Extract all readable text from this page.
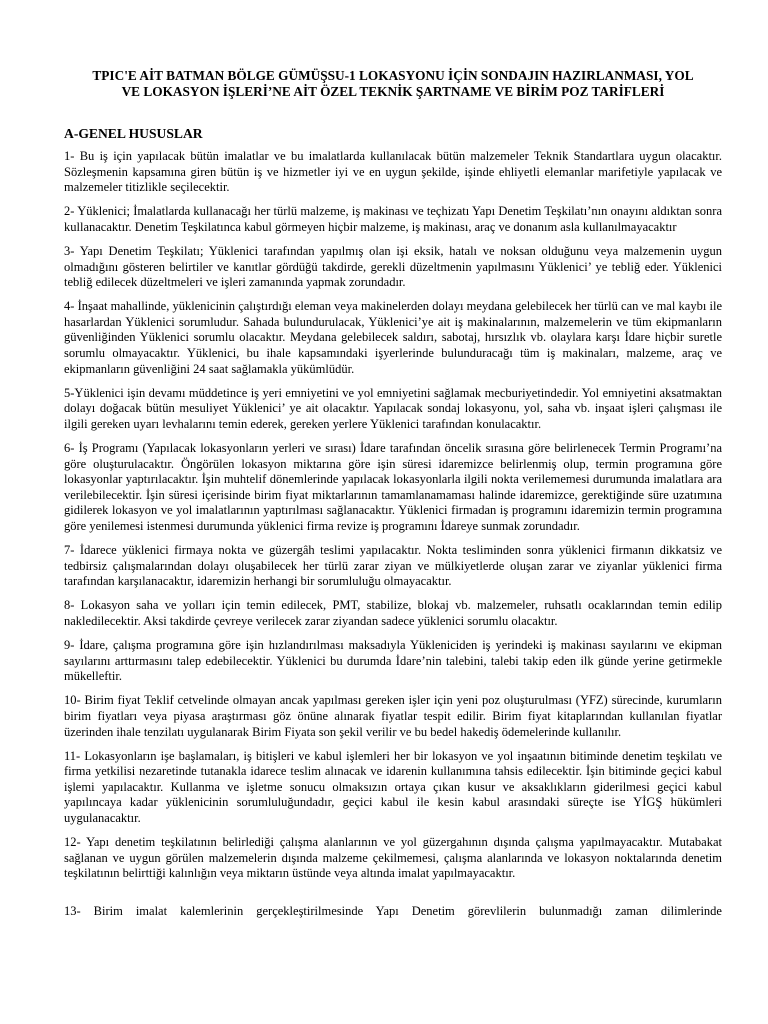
TPIC'E AİT BATMAN BÖLGE GÜMÜŞSU-1 LOKASYONU İÇİN SONDAJIN HAZIRLANMASI, YOL
VE LOKASYON İŞLERİ’NE AİT ÖZEL TEKNİK ŞARTNAME VE BİRİM POZ TARİFLERİ
A-GENEL HUSUSLAR

1- Bu iş için yapılacak bütün imalatlar ve bu imalatlarda kullanılacak bütün malzemeler Teknik Standartlara uygun olacaktır. Sözleşmenin kapsamına giren bütün iş ve hizmetler iyi ve en uygun şekilde, işinde ehliyetli elemanlar marifetiyle yapılacak ve malzemeler titizlikle seçilecektir.

2- Yüklenici; İmalatlarda kullanacağı her türlü malzeme, iş makinası ve teçhizatı Yapı Denetim Teşkilatı’nın onayını aldıktan sonra kullanacaktır. Denetim Teşkilatınca kabul görmeyen hiçbir malzeme, iş makinası, araç ve donanım asla kullanılmayacaktır

3- Yapı Denetim Teşkilatı; Yüklenici tarafından yapılmış olan işi eksik, hatalı ve noksan olduğunu veya malzemenin uygun olmadığını gösteren belirtiler ve kanıtlar gördüğü takdirde, gerekli düzeltmenin yapılmasını Yüklenici’ ye tebliğ eder. Yüklenici tebliğ edilecek düzeltmeleri ve işleri zamanında yapmak zorundadır.

4- İnşaat mahallinde, yüklenicinin çalıştırdığı eleman veya makinelerden dolayı meydana gelebilecek her türlü can ve mal kaybı ile hasarlardan Yüklenici sorumludur. Sahada bulundurulacak, Yüklenici’ye ait iş makinalarının, malzemelerin ve tüm ekipmanların güvenliğinden Yüklenici sorumlu olacaktır. Meydana gelebilecek saldırı, sabotaj, hırsızlık vb. olaylara karşı İdare hiçbir suretle sorumlu olmayacaktır. Yüklenici, bu ihale kapsamındaki işyerlerinde bulunduracağı tüm iş makinaları, malzeme, araç ve ekipmanların güvenliğini 24 saat sağlamakla yükümlüdür.

5-Yüklenici işin devamı müddetince iş yeri emniyetini ve yol emniyetini sağlamak mecburiyetindedir. Yol emniyetini aksatmaktan dolayı doğacak bütün mesuliyet Yüklenici’ ye ait olacaktır. Yapılacak sondaj lokasyonu, yol, saha vb. inşaat işleri çalışması ile ilgili gereken uyarı levhalarını temin ederek, gereken yerlere Yüklenici tarafından konulacaktır.

6- İş Programı (Yapılacak lokasyonların yerleri ve sırası) İdare tarafından öncelik sırasına göre belirlenecek Termin Programı’na göre oluşturulacaktır. Öngörülen lokasyon miktarına göre işin süresi idaremizce belirlenmiş olup, termin programına göre lokasyonlar yaptırılacaktır. İşin muhtelif dönemlerinde yapılacak lokasyonlarla ilgili nokta verilememesi durumunda imalatlara ara verilebilecektir. İşin süresi içerisinde birim fiyat miktarlarının tamamlanamaması halinde idaremizce, gerektiğinde süre uzatımına gidilerek lokasyon ve yol imalatlarının yaptırılması sağlanacaktır. Yüklenici firmadan iş programını idaremizin termin programına göre yenilemesi istenmesi durumunda yüklenici firma revize iş programını İdareye sunmak zorundadır.

7- İdarece yüklenici firmaya nokta ve güzergâh teslimi yapılacaktır. Nokta tesliminden sonra yüklenici firmanın dikkatsiz ve tedbirsiz çalışmalarından dolayı oluşabilecek her türlü zarar ziyan ve mülkiyetlerde oluşan zarar ve ziyanlar yüklenici firma tarafından karşılanacaktır, idaremizin herhangi bir sorumluluğu olmayacaktır.

8- Lokasyon saha ve yolları için temin edilecek, PMT, stabilize, blokaj vb. malzemeler, ruhsatlı ocaklarından temin edilip nakledilecektir. Aksi takdirde çevreye verilecek zarar ziyandan sadece yüklenici sorumlu olacaktır.

9- İdare, çalışma programına göre işin hızlandırılması maksadıyla Yükleniciden iş yerindeki iş makinası sayılarını ve ekipman sayılarını arttırmasını talep edebilecektir. Yüklenici bu durumda İdare’nin talebini, talebi takip eden ilk günde yerine getirmekle mükelleftir.

10- Birim fiyat Teklif cetvelinde olmayan ancak yapılması gereken işler için yeni poz oluşturulması (YFZ) sürecinde, kurumların birim fiyatları veya piyasa araştırması göz önüne alınarak fiyatlar tespit edilir. Birim fiyat kitaplarından kullanılan fiyatlar üzerinden ihale tenzilatı uygulanarak Birim Fiyata son şekil verilir ve bu bedel hakediş ödemelerinde kullanılır.

11- Lokasyonların işe başlamaları, iş bitişleri ve kabul işlemleri her bir lokasyon ve yol inşaatının bitiminde denetim teşkilatı ve firma yetkilisi nezaretinde tutanakla idarece teslim alınacak ve idarenin kullanımına tahsis edilecektir. İşin bitiminde geçici kabul işlemi yapılacaktır. Kullanma ve işletme sonucu olmaksızın ortaya çıkan kusur ve aksaklıkların giderilmesi geçici kabul yapılıncaya kadar yüklenicinin sorumluluğundadır, geçici kabul ile kesin kabul arasındaki süreçte ise YİGŞ hükümleri uygulanacaktır.

12- Yapı denetim teşkilatının belirlediği çalışma alanlarının ve yol güzergahının dışında çalışma yapılmayacaktır. Mutabakat sağlanan ve uygun görülen malzemelerin dışında malzeme çekilmemesi, çalışma alanlarında ve lokasyon noktalarında denetim teşkilatının belirttiği kalınlığın veya miktarın üstünde veya altında imalat yapılmayacaktır.

13- Birim imalat kalemlerinin gerçekleştirilmesinde Yapı Denetim görevlilerin bulunmadığı zaman dilimlerinde
